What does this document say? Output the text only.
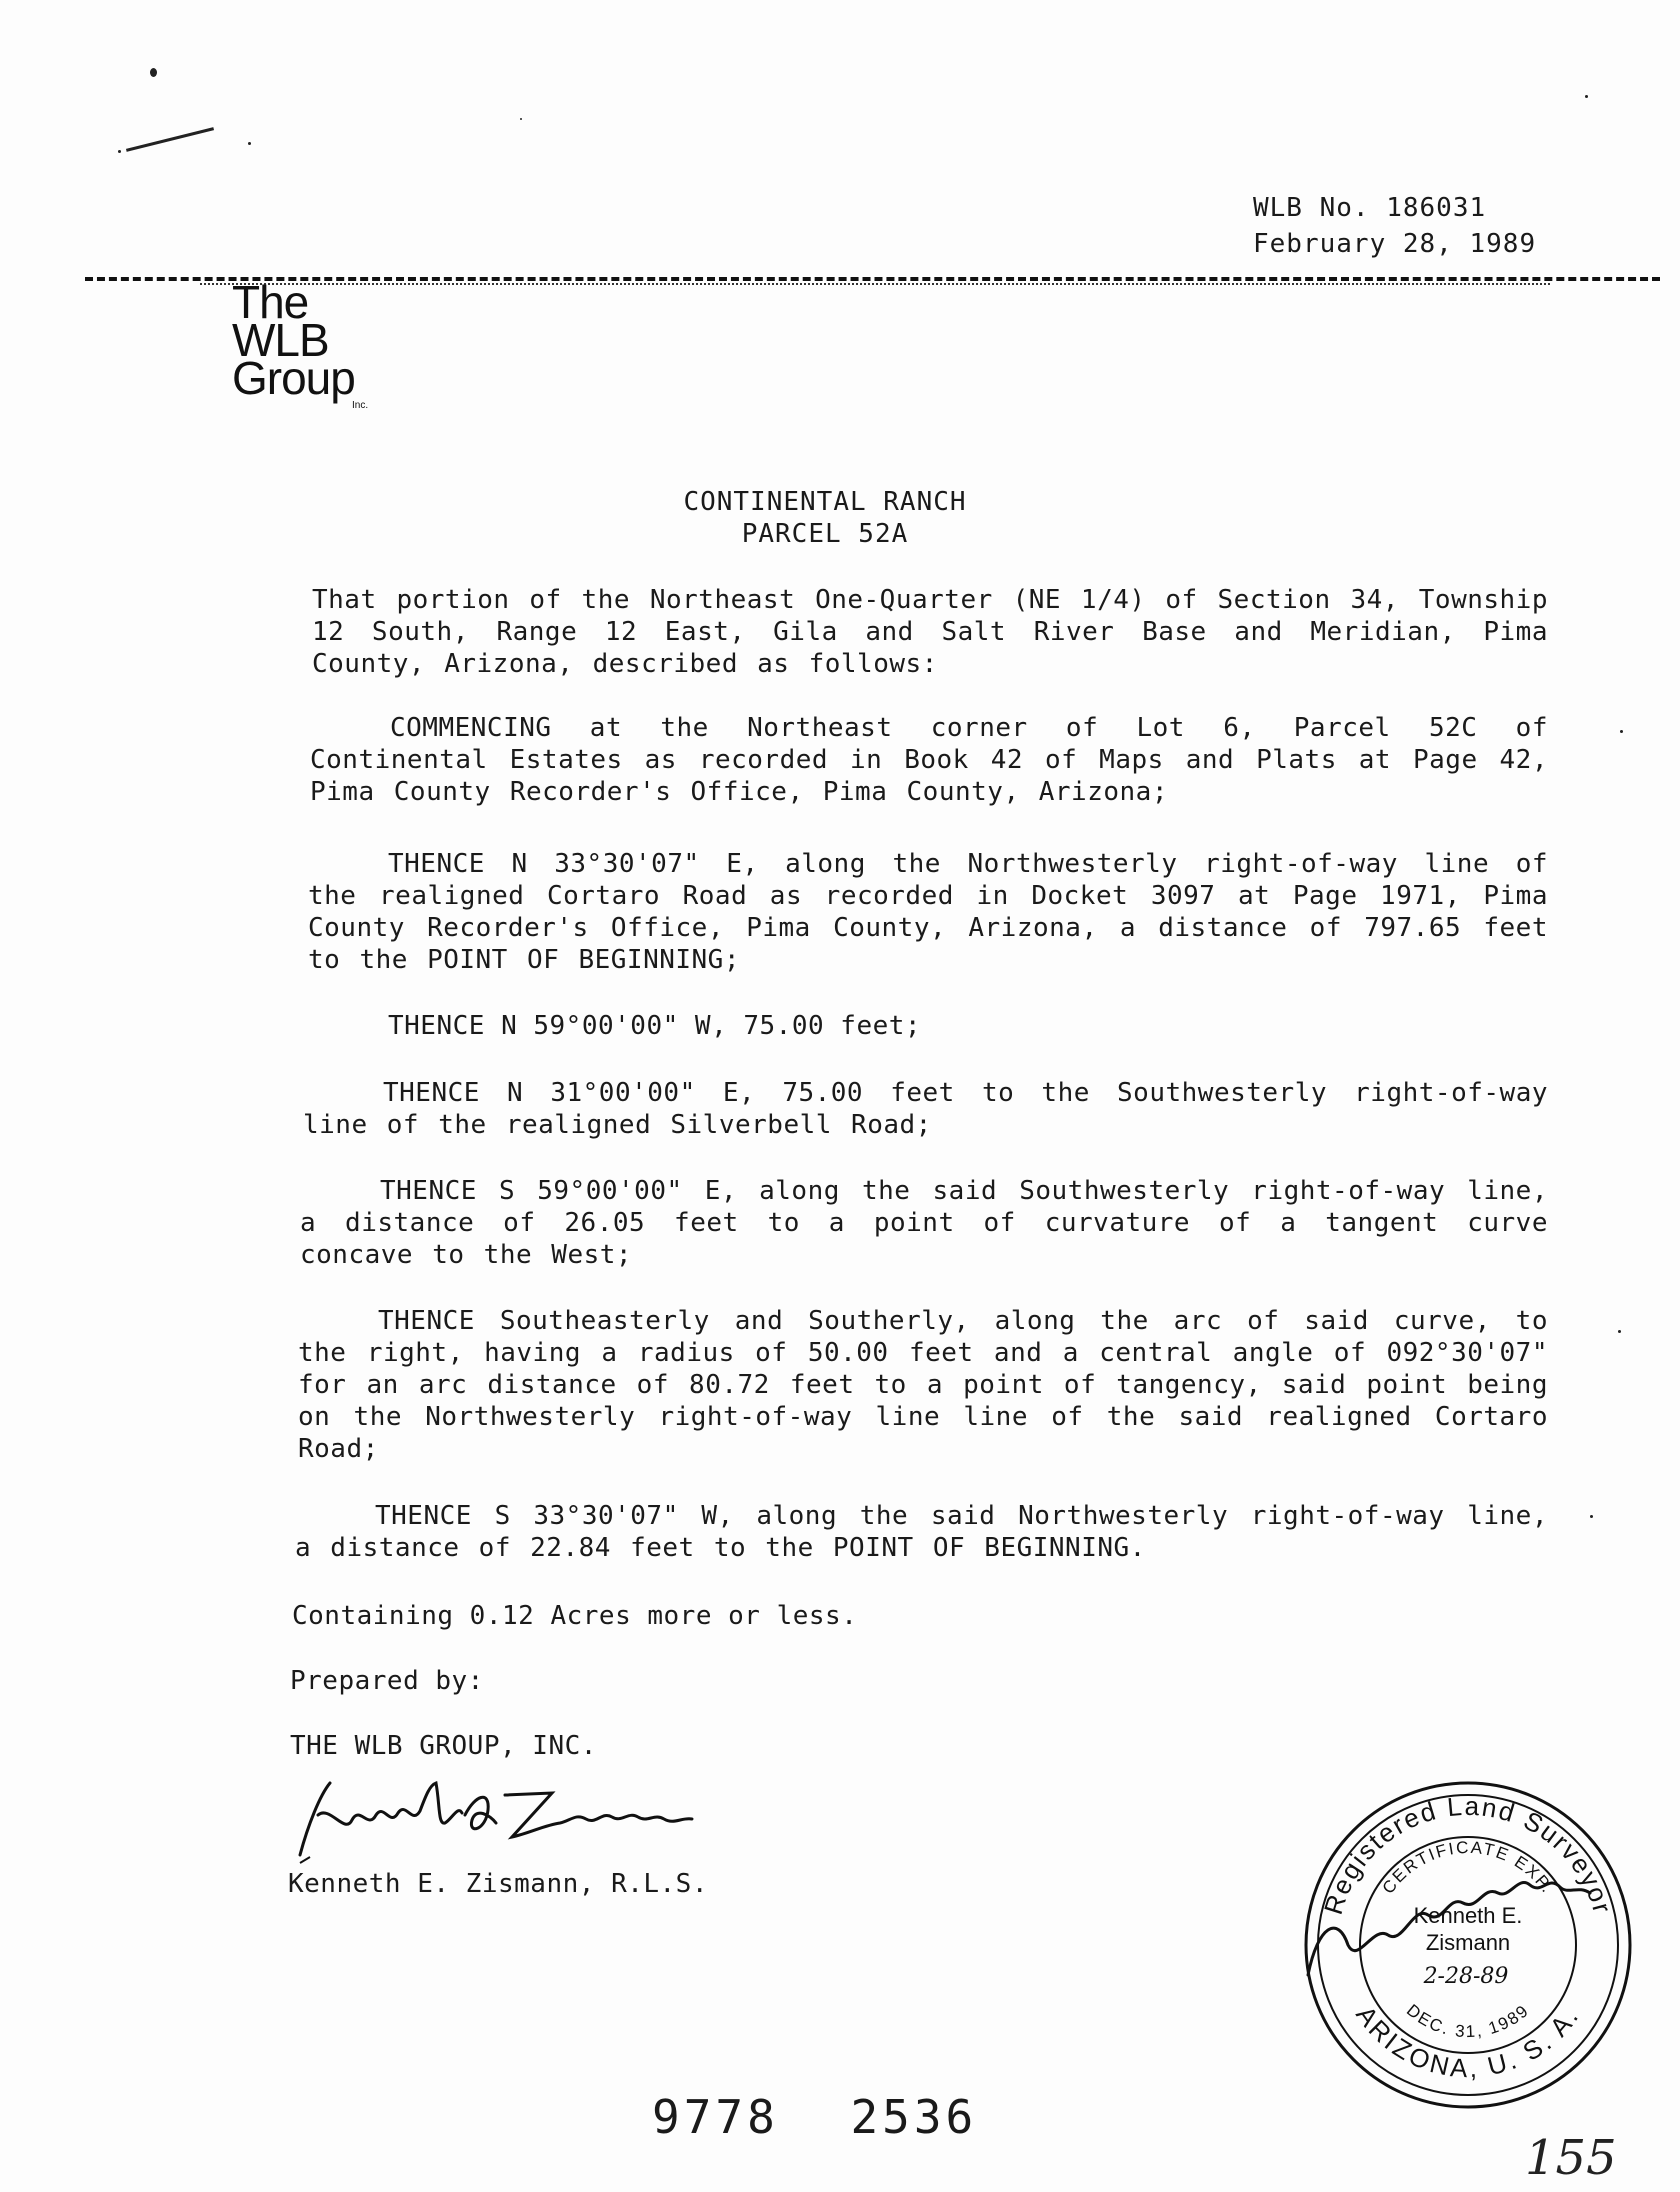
WLB No. 186031
February 28, 1989
The
WLB
Group
Inc.
CONTINENTAL RANCH
PARCEL 52A
That portion of the Northeast One-Quarter (NE 1/4) of Section 34, Township 12 South, Range 12 East, Gila and Salt River Base and Meridian, Pima County, Arizona, described as follows:
COMMENCING at the Northeast corner of Lot 6, Parcel 52C of Continental Estates as recorded in Book 42 of Maps and Plats at Page 42, Pima County Recorder's Office, Pima County, Arizona;
THENCE N 33°30'07" E, along the Northwesterly right-of-way line of the realigned Cortaro Road as recorded in Docket 3097 at Page 1971, Pima County Recorder's Office, Pima County, Arizona, a distance of 797.65 feet to the POINT OF BEGINNING;
THENCE N 59°00'00" W, 75.00 feet;
THENCE N 31°00'00" E, 75.00 feet to the Southwesterly right-of-way line of the realigned Silverbell Road;
THENCE S 59°00'00" E, along the said Southwesterly right-of-way line, a distance of 26.05 feet to a point of curvature of a tangent curve concave to the West;
THENCE Southeasterly and Southerly, along the arc of said curve, to the right, having a radius of 50.00 feet and a central angle of 092°30'07" for an arc distance of 80.72 feet to a point of tangency, said point being on the Northwesterly right-of-way line line of the said realigned Cortaro Road;
THENCE S 33°30'07" W, along the said Northwesterly right-of-way line, a distance of 22.84 feet to the POINT OF BEGINNING.
Containing 0.12 Acres more or less.
Prepared by:
THE WLB GROUP, INC.
Kenneth E. Zismann, R.L.S.
Registered Land Surveyor
ARIZONA, U. S. A.
CERTIFICATE EXP.
DEC. 31, 1989
Kenneth E.
Zismann
2-28-89
9778 2536
155
